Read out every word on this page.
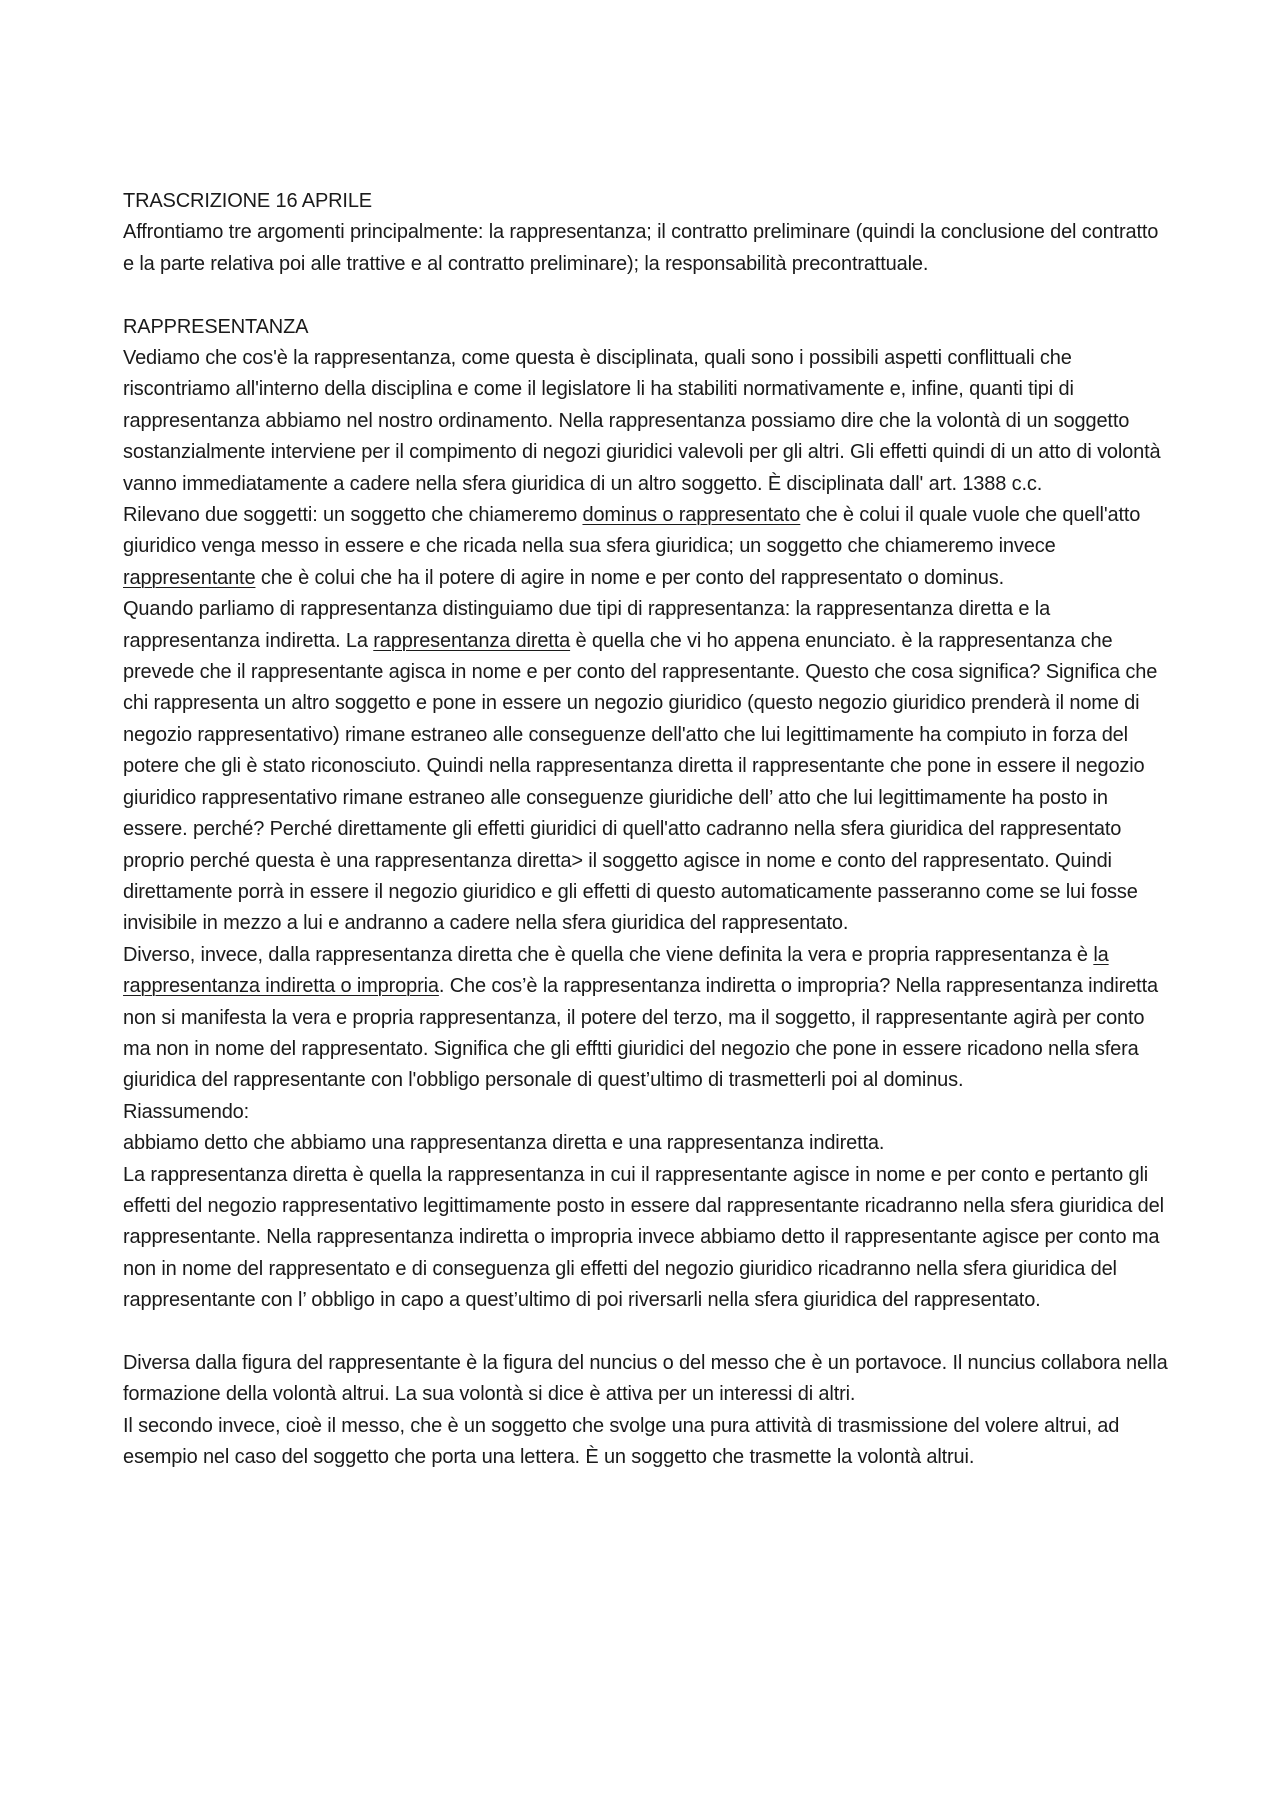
TRASCRIZIONE 16 APRILE

Affrontiamo tre argomenti principalmente: la rappresentanza; il contratto preliminare (quindi la conclusione del contratto e la parte relativa poi alle trattive e al contratto preliminare); la responsabilità precontrattuale.

RAPPRESENTANZA

Vediamo che cos'è la rappresentanza, come questa è disciplinata, quali sono i possibili aspetti conflittuali che riscontriamo all'interno della disciplina e come il legislatore li ha stabiliti normativamente e, infine, quanti tipi di rappresentanza abbiamo nel nostro ordinamento. Nella rappresentanza possiamo dire che la volontà di un soggetto sostanzialmente interviene per il compimento di negozi giuridici valevoli per gli altri. Gli effetti quindi di un atto di volontà vanno immediatamente a cadere nella sfera giuridica di un altro soggetto. È disciplinata dall' art. 1388 c.c.

Rilevano due soggetti: un soggetto che chiameremo dominus o rappresentato che è colui il quale vuole che quell'atto giuridico venga messo in essere e che ricada nella sua sfera giuridica; un soggetto che chiameremo invece rappresentante che è colui che ha il potere di agire in nome e per conto del rappresentato o dominus.

Quando parliamo di rappresentanza distinguiamo due tipi di rappresentanza: la rappresentanza diretta e la rappresentanza indiretta. La rappresentanza diretta è quella che vi ho appena enunciato. è la rappresentanza che prevede che il rappresentante agisca in nome e per conto del rappresentante. Questo che cosa significa? Significa che chi rappresenta un altro soggetto e pone in essere un negozio giuridico (questo negozio giuridico prenderà il nome di negozio rappresentativo) rimane estraneo alle conseguenze dell'atto che lui legittimamente ha compiuto in forza del potere che gli è stato riconosciuto. Quindi nella rappresentanza diretta il rappresentante che pone in essere il negozio giuridico rappresentativo rimane estraneo alle conseguenze giuridiche dell’ atto che lui legittimamente ha posto in essere. perché? Perché direttamente gli effetti giuridici di quell'atto cadranno nella sfera giuridica del rappresentato proprio perché questa è una rappresentanza diretta> il soggetto agisce in nome e conto del rappresentato. Quindi direttamente porrà in essere il negozio giuridico e gli effetti di questo automaticamente passeranno come se lui fosse invisibile in mezzo a lui e andranno a cadere nella sfera giuridica del rappresentato.

Diverso, invece, dalla rappresentanza diretta che è quella che viene definita la vera e propria rappresentanza è la rappresentanza indiretta o impropria. Che cos’è la rappresentanza indiretta o impropria? Nella rappresentanza indiretta non si manifesta la vera e propria rappresentanza, il potere del terzo, ma il soggetto, il rappresentante agirà per conto ma non in nome del rappresentato. Significa che gli efftti giuridici del negozio che pone in essere ricadono nella sfera giuridica del rappresentante con l'obbligo personale di quest’ultimo di trasmetterli poi al dominus.

Riassumendo:

abbiamo detto che abbiamo una rappresentanza diretta e una rappresentanza indiretta.

La rappresentanza diretta è quella la rappresentanza in cui il rappresentante agisce in nome e per conto e pertanto gli effetti del negozio rappresentativo legittimamente posto in essere dal rappresentante ricadranno nella sfera giuridica del rappresentante. Nella rappresentanza indiretta o impropria invece abbiamo detto il rappresentante agisce per conto ma non in nome del rappresentato e di conseguenza gli effetti del negozio giuridico ricadranno nella sfera giuridica del rappresentante con l’ obbligo in capo a quest’ultimo di poi riversarli nella sfera giuridica del rappresentato.

Diversa dalla figura del rappresentante è la figura del nuncius o del messo che è un portavoce. Il nuncius collabora nella formazione della volontà altrui. La sua volontà si dice è attiva per un interessi di altri.

Il secondo invece, cioè il messo, che è un soggetto che svolge una pura attività di trasmissione del volere altrui, ad esempio nel caso del soggetto che porta una lettera. È un soggetto che trasmette la volontà altrui.
